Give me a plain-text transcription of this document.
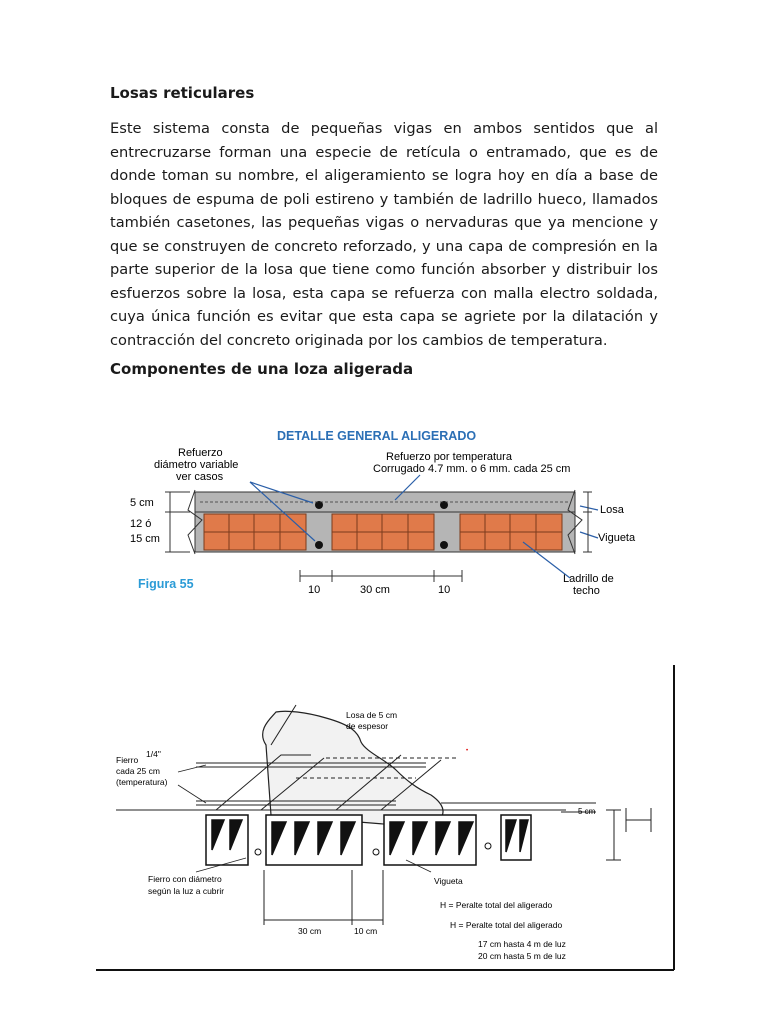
Losas reticulares
Este sistema consta de pequeñas vigas en ambos sentidos que al entrecruzarse forman una especie de retícula o entramado, que es de donde toman su nombre, el aligeramiento se logra hoy en día a base de bloques de espuma de poli estireno y también de ladrillo hueco, llamados también casetones, las pequeñas vigas o nervaduras que ya mencione y que se construyen de concreto reforzado, y una capa de compresión en la parte superior de la losa que tiene como función absorber y distribuir los esfuerzos sobre la losa, esta capa se refuerza con malla electro soldada, cuya única función es evitar que esta capa se agriete por la dilatación y contracción del concreto originada por los cambios de temperatura.
Componentes de una loza aligerada
DETALLE GENERAL ALIGERADO
Refuerzo
diámetro variable
ver casos
Refuerzo por temperatura
Corrugado 4.7 mm. o 6 mm. cada 25 cm
Losa
Vigueta
Ladrillo de
techo
5 cm
12 ó
15 cm
10	30 cm	10
Figura 55
5 cm	H
Losa de 5 cm
de espesor
•
Fierro
1/4"
cada 25 cm
(temperatura)
Fierro con diámetro
según la luz a cubrir
Vigueta
30 cm	10 cm
H = Peralte total del aligerado
H = Peralte total del aligerado
17 cm hasta 4 m de luz
20 cm hasta 5 m de luz
